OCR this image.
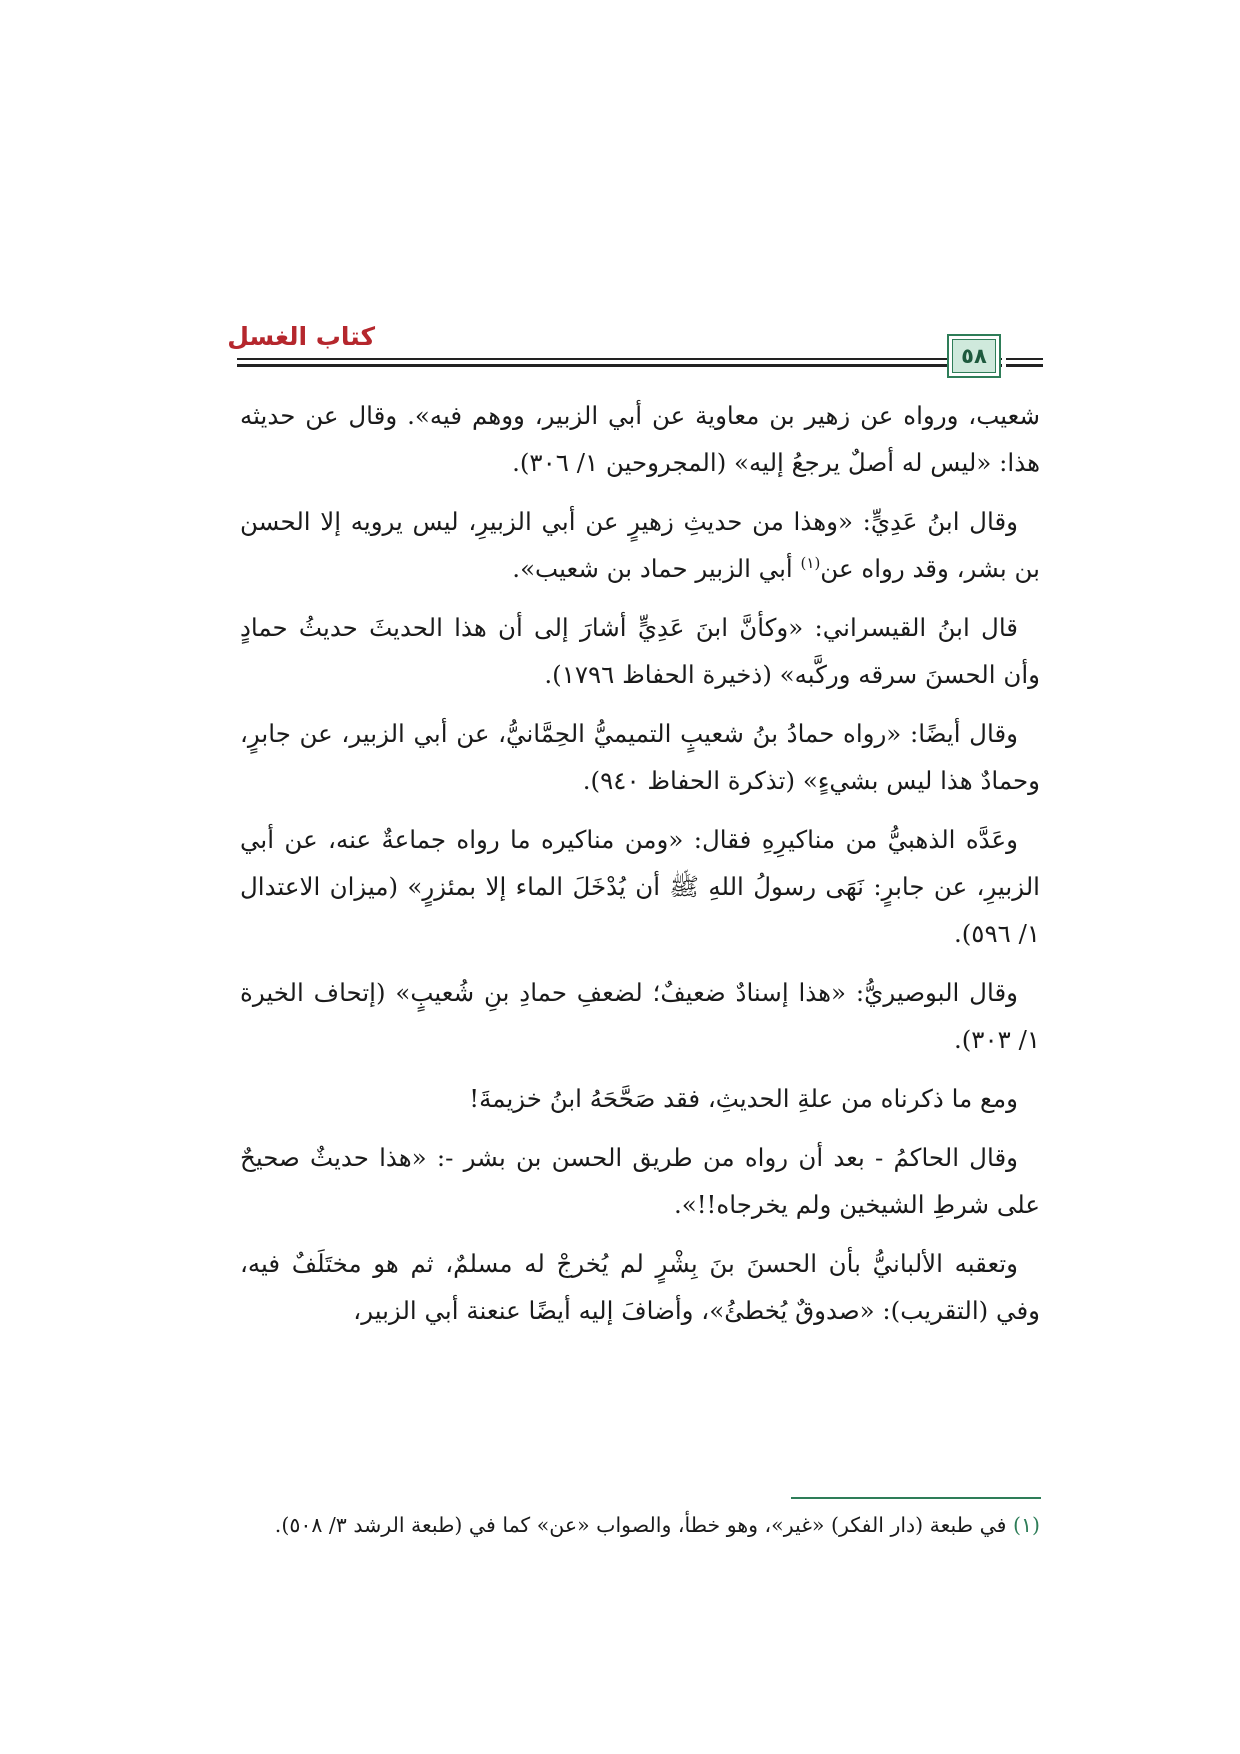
كتاب الغسل
٥٨

شعيب، ورواه عن زهير بن معاوية عن أبي الزبير، ووهم فيه». وقال عن حديثه هذا: «ليس له أصلٌ يرجعُ إليه» (المجروحين ١/ ٣٠٦).

وقال ابنُ عَدِيٍّ: «وهذا من حديثِ زهيرٍ عن أبي الزبيرِ، ليس يرويه إلا الحسن بن بشر، وقد رواه عن$^{(١)}$ أبي الزبير حماد بن شعيب».

قال ابنُ القيسراني: «وكأنَّ ابنَ عَدِيٍّ أشارَ إلى أن هذا الحديثَ حديثُ حمادٍ وأن الحسنَ سرقه وركَّبه» (ذخيرة الحفاظ ١٧٩٦).

وقال أيضًا: «رواه حمادُ بنُ شعيبٍ التميميُّ الحِمَّانيُّ، عن أبي الزبير، عن جابرٍ، وحمادٌ هذا ليس بشيءٍ» (تذكرة الحفاظ ٩٤٠).

وعَدَّه الذهبيُّ من مناكيرِهِ فقال: «ومن مناكيره ما رواه جماعةٌ عنه، عن أبي الزبيرِ، عن جابرٍ: نَهَى رسولُ اللهِ ﷺ أن يُدْخَلَ الماء إلا بمئزرٍ» (ميزان الاعتدال ١/ ٥٩٦).

وقال البوصيريُّ: «هذا إسنادٌ ضعيفٌ؛ لضعفِ حمادِ بنِ شُعيبٍ» (إتحاف الخيرة ١/ ٣٠٣).

ومع ما ذكرناه من علةِ الحديثِ، فقد صَحَّحَهُ ابنُ خزيمةَ!

وقال الحاكمُ - بعد أن رواه من طريق الحسن بن بشر -: «هذا حديثٌ صحيحٌ على شرطِ الشيخين ولم يخرجاه!!».

وتعقبه الألبانيُّ بأن الحسنَ بنَ بِشْرٍ لم يُخرجْ له مسلمٌ، ثم هو مختَلَفٌ فيه، وفي (التقريب): «صدوقٌ يُخطئُ»، وأضافَ إليه أيضًا عنعنة أبي الزبير،

(١) في طبعة (دار الفكر) «غير»، وهو خطأ، والصواب «عن» كما في (طبعة الرشد ٣/ ٥٠٨).
